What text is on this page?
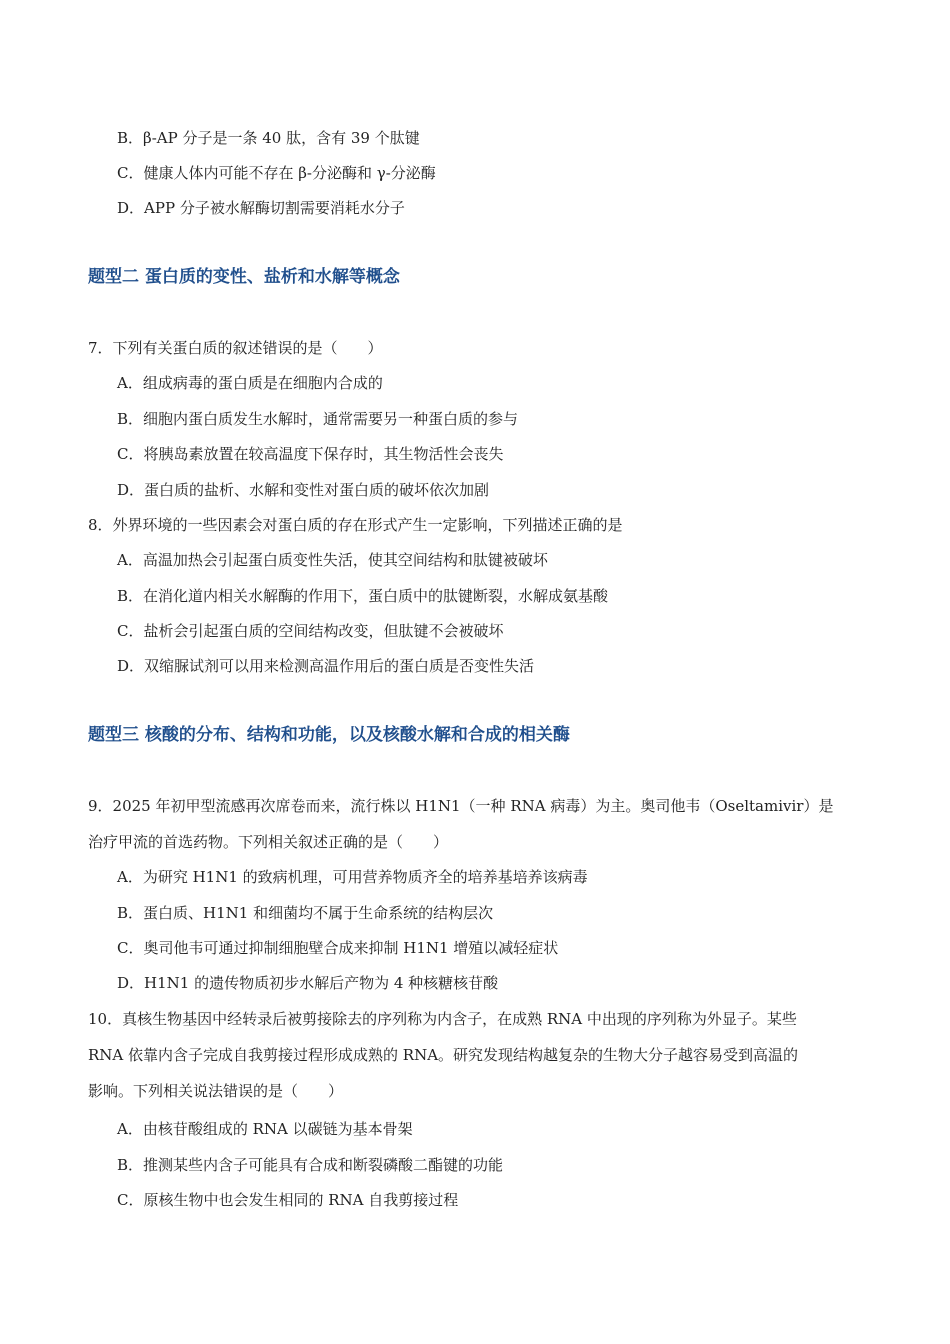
B．β-AP 分子是一条 40 肽，含有 39 个肽键
C．健康人体内可能不存在 β-分泌酶和 γ-分泌酶
D．APP 分子被水解酶切割需要消耗水分子
题型二 蛋白质的变性、盐析和水解等概念
7．下列有关蛋白质的叙述错误的是（　　）
A．组成病毒的蛋白质是在细胞内合成的
B．细胞内蛋白质发生水解时，通常需要另一种蛋白质的参与
C．将胰岛素放置在较高温度下保存时，其生物活性会丧失
D．蛋白质的盐析、水解和变性对蛋白质的破坏依次加剧
8．外界环境的一些因素会对蛋白质的存在形式产生一定影响，下列描述正确的是
A．高温加热会引起蛋白质变性失活，使其空间结构和肽键被破坏
B．在消化道内相关水解酶的作用下，蛋白质中的肽键断裂，水解成氨基酸
C．盐析会引起蛋白质的空间结构改变，但肽键不会被破坏
D．双缩脲试剂可以用来检测高温作用后的蛋白质是否变性失活
题型三 核酸的分布、结构和功能，以及核酸水解和合成的相关酶
9．2025 年初甲型流感再次席卷而来，流行株以 H1N1（一种 RNA 病毒）为主。奥司他韦（Oseltamivir）是
治疗甲流的首选药物。下列相关叙述正确的是（　　）
A．为研究 H1N1 的致病机理，可用营养物质齐全的培养基培养该病毒
B．蛋白质、H1N1 和细菌均不属于生命系统的结构层次
C．奥司他韦可通过抑制细胞壁合成来抑制 H1N1 增殖以减轻症状
D．H1N1 的遗传物质初步水解后产物为 4 种核糖核苷酸
10．真核生物基因中经转录后被剪接除去的序列称为内含子，在成熟 RNA 中出现的序列称为外显子。某些
RNA 依靠内含子完成自我剪接过程形成成熟的 RNA。研究发现结构越复杂的生物大分子越容易受到高温的
影响。下列相关说法错误的是（　　）
A．由核苷酸组成的 RNA 以碳链为基本骨架
B．推测某些内含子可能具有合成和断裂磷酸二酯键的功能
C．原核生物中也会发生相同的 RNA 自我剪接过程
